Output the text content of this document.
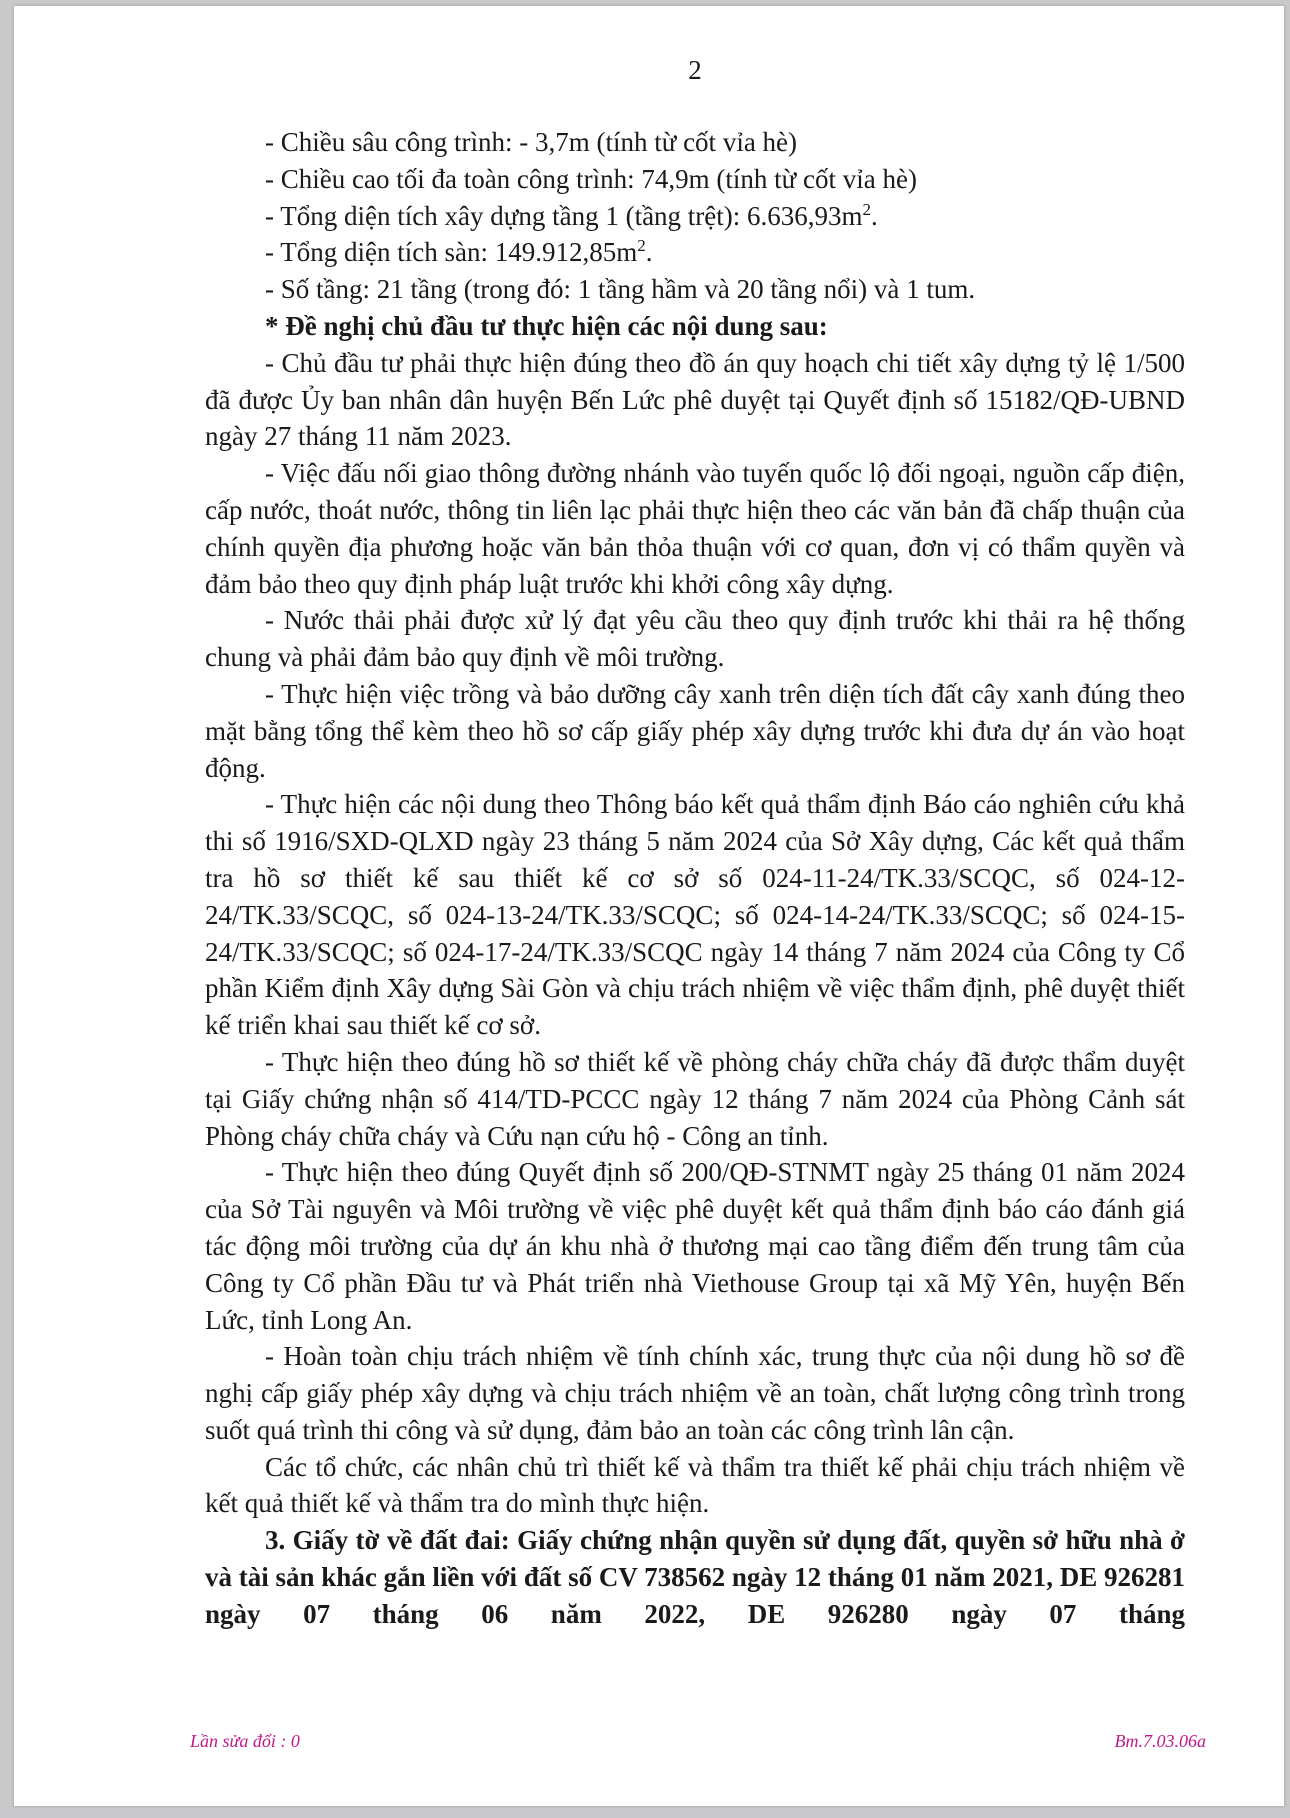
2

- Chiều sâu công trình: - 3,7m (tính từ cốt vỉa hè)

- Chiều cao tối đa toàn công trình: 74,9m (tính từ cốt vỉa hè)

- Tổng diện tích xây dựng tầng 1 (tầng trệt): $6.636,93m^2$.

- Tổng diện tích sàn: $149.912,85m^2$.

- Số tầng: 21 tầng (trong đó: 1 tầng hầm và 20 tầng nổi) và 1 tum.

* Đề nghị chủ đầu tư thực hiện các nội dung sau:

- Chủ đầu tư phải thực hiện đúng theo đồ án quy hoạch chi tiết xây dựng tỷ lệ 1/500 đã được Ủy ban nhân dân huyện Bến Lức phê duyệt tại Quyết định số 15182/QĐ-UBND ngày 27 tháng 11 năm 2023.

- Việc đấu nối giao thông đường nhánh vào tuyến quốc lộ đối ngoại, nguồn cấp điện, cấp nước, thoát nước, thông tin liên lạc phải thực hiện theo các văn bản đã chấp thuận của chính quyền địa phương hoặc văn bản thỏa thuận với cơ quan, đơn vị có thẩm quyền và đảm bảo theo quy định pháp luật trước khi khởi công xây dựng.

- Nước thải phải được xử lý đạt yêu cầu theo quy định trước khi thải ra hệ thống chung và phải đảm bảo quy định về môi trường.

- Thực hiện việc trồng và bảo dưỡng cây xanh trên diện tích đất cây xanh đúng theo mặt bằng tổng thể kèm theo hồ sơ cấp giấy phép xây dựng trước khi đưa dự án vào hoạt động.

- Thực hiện các nội dung theo Thông báo kết quả thẩm định Báo cáo nghiên cứu khả thi số 1916/SXD-QLXD ngày 23 tháng 5 năm 2024 của Sở Xây dựng, Các kết quả thẩm tra hồ sơ thiết kế sau thiết kế cơ sở số 024-11-24/TK.33/SCQC, số 024-12-24/TK.33/SCQC, số 024-13-24/TK.33/SCQC; số 024-14-24/TK.33/SCQC; số 024-15-24/TK.33/SCQC; số 024-17-24/TK.33/SCQC ngày 14 tháng 7 năm 2024 của Công ty Cổ phần Kiểm định Xây dựng Sài Gòn và chịu trách nhiệm về việc thẩm định, phê duyệt thiết kế triển khai sau thiết kế cơ sở.

- Thực hiện theo đúng hồ sơ thiết kế về phòng cháy chữa cháy đã được thẩm duyệt tại Giấy chứng nhận số 414/TD-PCCC ngày 12 tháng 7 năm 2024 của Phòng Cảnh sát Phòng cháy chữa cháy và Cứu nạn cứu hộ - Công an tỉnh.

- Thực hiện theo đúng Quyết định số 200/QĐ-STNMT ngày 25 tháng 01 năm 2024 của Sở Tài nguyên và Môi trường về việc phê duyệt kết quả thẩm định báo cáo đánh giá tác động môi trường của dự án khu nhà ở thương mại cao tầng điểm đến trung tâm của Công ty Cổ phần Đầu tư và Phát triển nhà Viethouse Group tại xã Mỹ Yên, huyện Bến Lức, tỉnh Long An.

- Hoàn toàn chịu trách nhiệm về tính chính xác, trung thực của nội dung hồ sơ đề nghị cấp giấy phép xây dựng và chịu trách nhiệm về an toàn, chất lượng công trình trong suốt quá trình thi công và sử dụng, đảm bảo an toàn các công trình lân cận.

Các tổ chức, các nhân chủ trì thiết kế và thẩm tra thiết kế phải chịu trách nhiệm về kết quả thiết kế và thẩm tra do mình thực hiện.

3. Giấy tờ về đất đai: Giấy chứng nhận quyền sử dụng đất, quyền sở hữu nhà ở và tài sản khác gắn liền với đất số CV 738562 ngày 12 tháng 01 năm 2021, DE 926281 ngày 07 tháng 06 năm 2022, DE 926280 ngày 07 tháng

Lần sửa đổi : 0	Bm.7.03.06a
